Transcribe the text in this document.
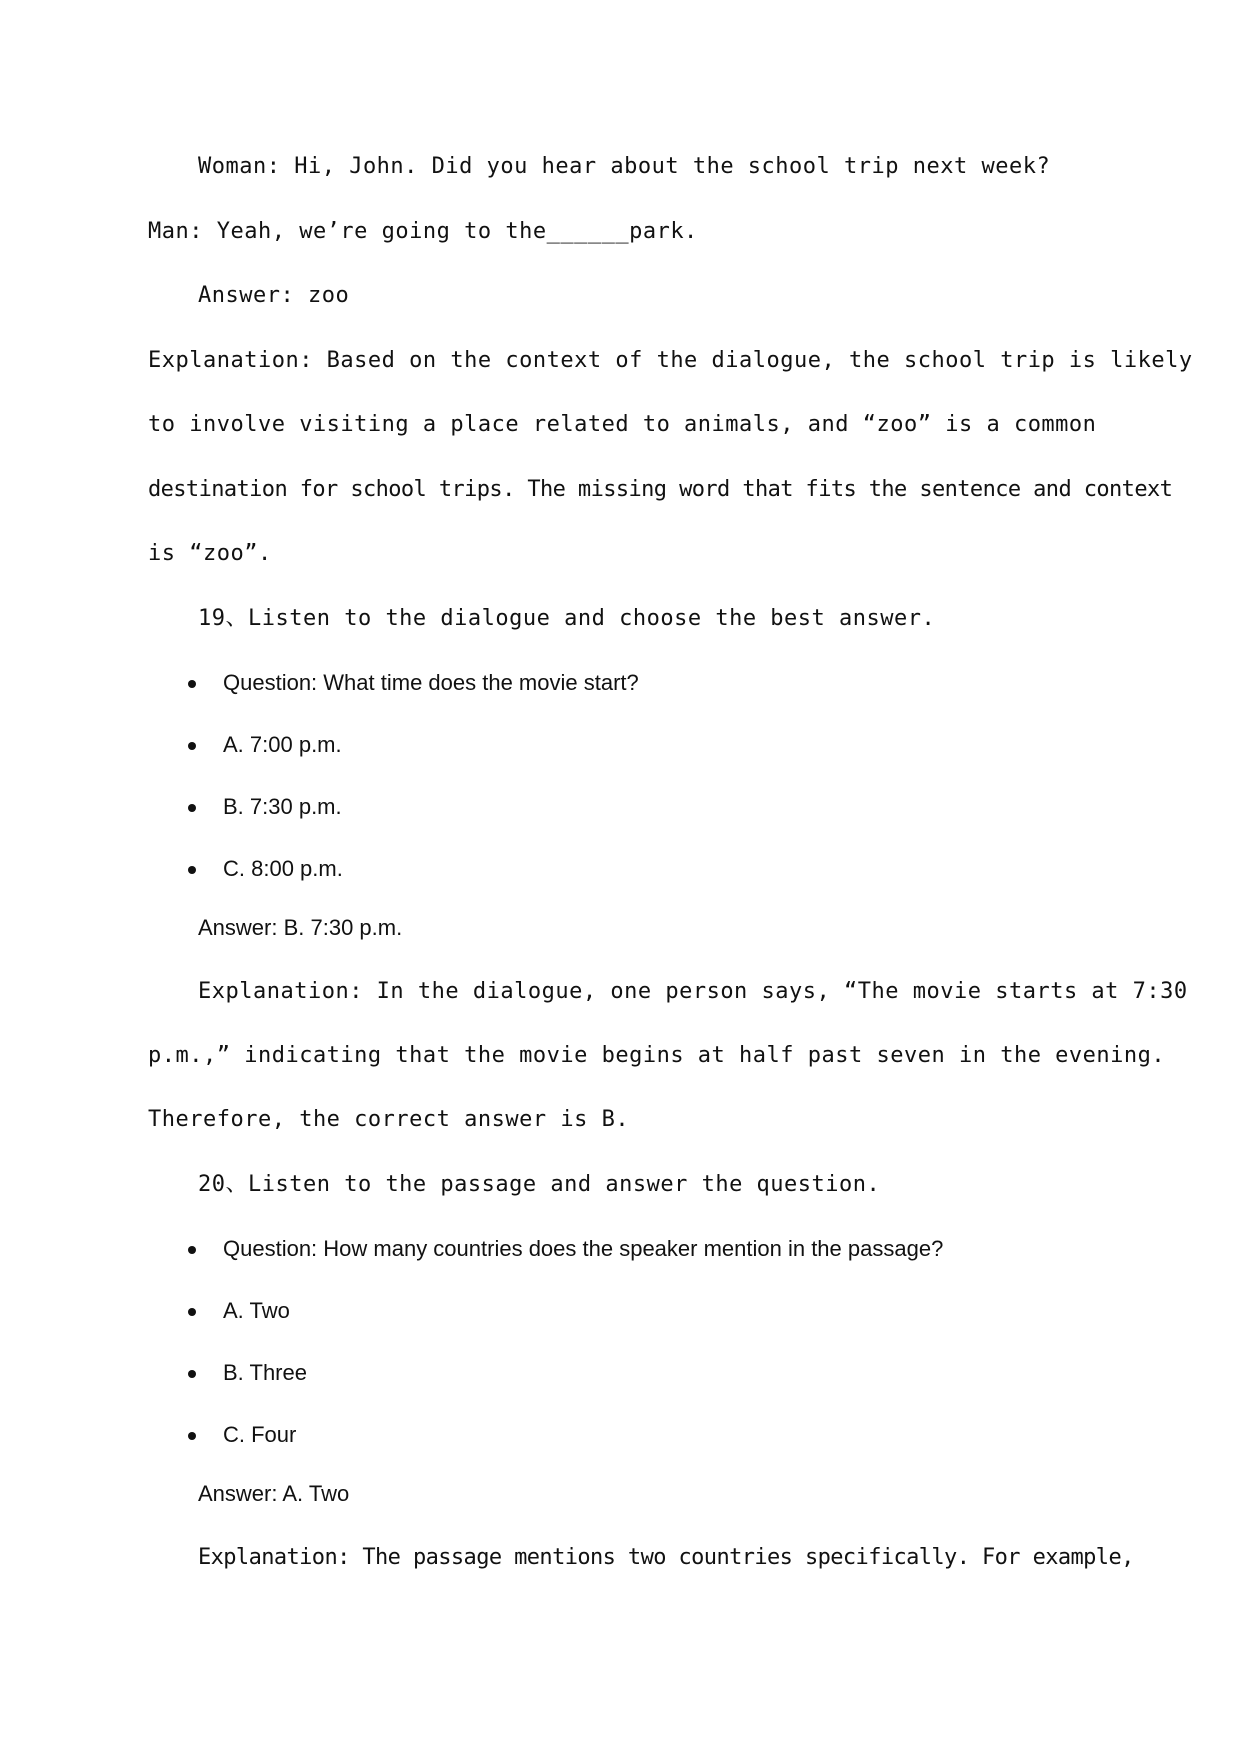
Woman: Hi, John. Did you hear about the school trip next week?
Man: Yeah, we’re going to the______park.
Answer: zoo
Explanation: Based on the context of the dialogue, the school trip is likely
to involve visiting a place related to animals, and “zoo” is a common
destination for school trips. The missing word that fits the sentence and context
is “zoo”.
19、Listen to the dialogue and choose the best answer.
Question: What time does the movie start?
A. 7:00 p.m.
B. 7:30 p.m.
C. 8:00 p.m.
Answer: B. 7:30 p.m.
Explanation: In the dialogue, one person says, “The movie starts at 7:30
p.m.,” indicating that the movie begins at half past seven in the evening.
Therefore, the correct answer is B.
20、Listen to the passage and answer the question.
Question: How many countries does the speaker mention in the passage?
A. Two
B. Three
C. Four
Answer: A. Two
Explanation: The passage mentions two countries specifically. For example,
